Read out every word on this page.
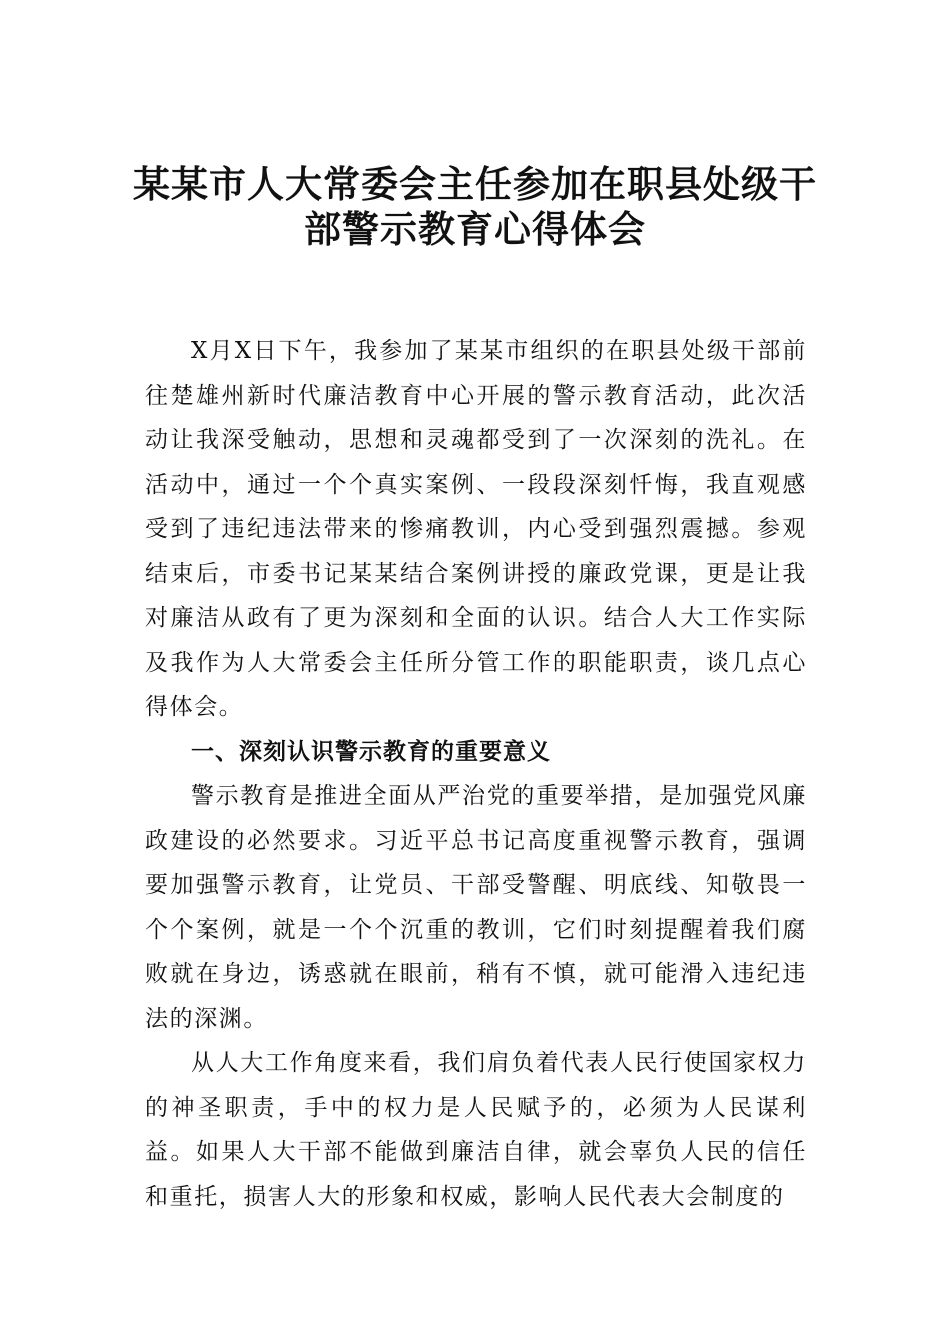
某某市人大常委会主任参加在职县处级干
部警示教育心得体会

X月X日下午，我参加了某某市组织的在职县处级干部前往楚雄州新时代廉洁教育中心开展的警示教育活动，此次活动让我深受触动，思想和灵魂都受到了一次深刻的洗礼。在活动中，通过一个个真实案例、一段段深刻忏悔，我直观感受到了违纪违法带来的惨痛教训，内心受到强烈震撼。参观结束后，市委书记某某结合案例讲授的廉政党课，更是让我对廉洁从政有了更为深刻和全面的认识。结合人大工作实际及我作为人大常委会主任所分管工作的职能职责，谈几点心得体会。

一、深刻认识警示教育的重要意义

警示教育是推进全面从严治党的重要举措，是加强党风廉政建设的必然要求。习近平总书记高度重视警示教育，强调要加强警示教育，让党员、干部受警醒、明底线、知敬畏一个个案例，就是一个个沉重的教训，它们时刻提醒着我们腐败就在身边，诱惑就在眼前，稍有不慎，就可能滑入违纪违法的深渊。

从人大工作角度来看，我们肩负着代表人民行使国家权力的神圣职责，手中的权力是人民赋予的，必须为人民谋利益。如果人大干部不能做到廉洁自律，就会辜负人民的信任和重托，损害人大的形象和权威，影响人民代表大会制度的
